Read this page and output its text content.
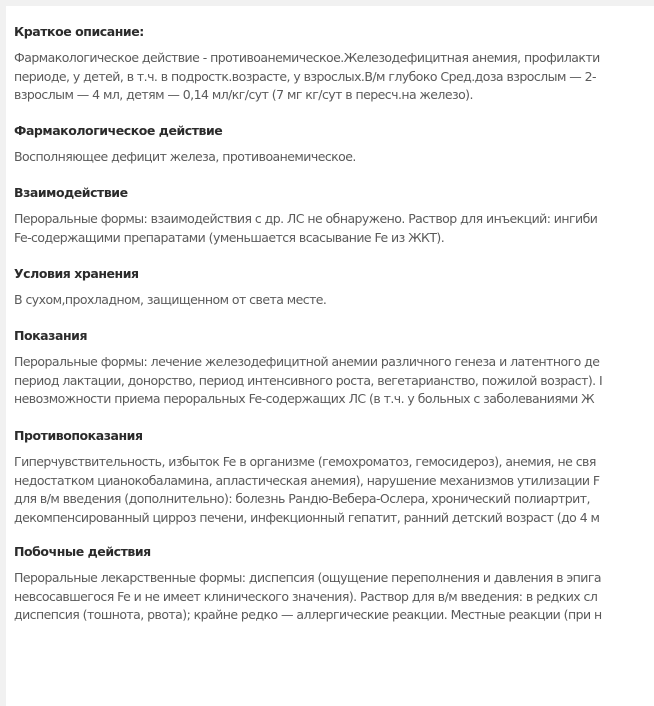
Краткое описание:
Фармакологическое действие - противоанемическое.Железодефицитная анемия, профилакти
периоде, у детей, в т.ч. в подростк.возрасте, у взрослых.В/м глубоко Сред.доза взрослым — 2-
взрослым — 4 мл, детям — 0,14 мл/кг/сут (7 мг кг/сут в пересч.на железо).
Фармакологическое действие
Восполняющее дефицит железа, противоанемическое.
Взаимодействие
Пероральные формы: взаимодействия с др. ЛС не обнаружено. Раствор для инъекций: ингиби
Fe-содержащими препаратами (уменьшается всасывание Fe из ЖКТ).
Условия хранения
В сухом,прохладном, защищенном от света месте.
Показания
Пероральные формы: лечение железодефицитной анемии различного генеза и латентного де
период лактации, донорство, период интенсивного роста, вегетарианство, пожилой возраст). I
невозможности приема пероральных Fe-содержащих ЛС (в т.ч. у больных с заболеваниями Ж
Противопоказания
Гиперчувствительность, избыток Fe в организме (гемохроматоз, гемосидероз), анемия, не свя
недостатком цианокобаламина, апластическая анемия), нарушение механизмов утилизации F
для в/м введения (дополнительно): болезнь Рандю-Вебера-Ослера, хронический полиартрит,
декомпенсированный цирроз печени, инфекционный гепатит, ранний детский возраст (до 4 м
Побочные действия
Пероральные лекарственные формы: диспепсия (ощущение переполнения и давления в эпига
невсосавшегося Fe и не имеет клинического значения). Раствор для в/м введения: в редких сл
диспепсия (тошнота, рвота); крайне редко — аллергические реакции. Местные реакции (при н
